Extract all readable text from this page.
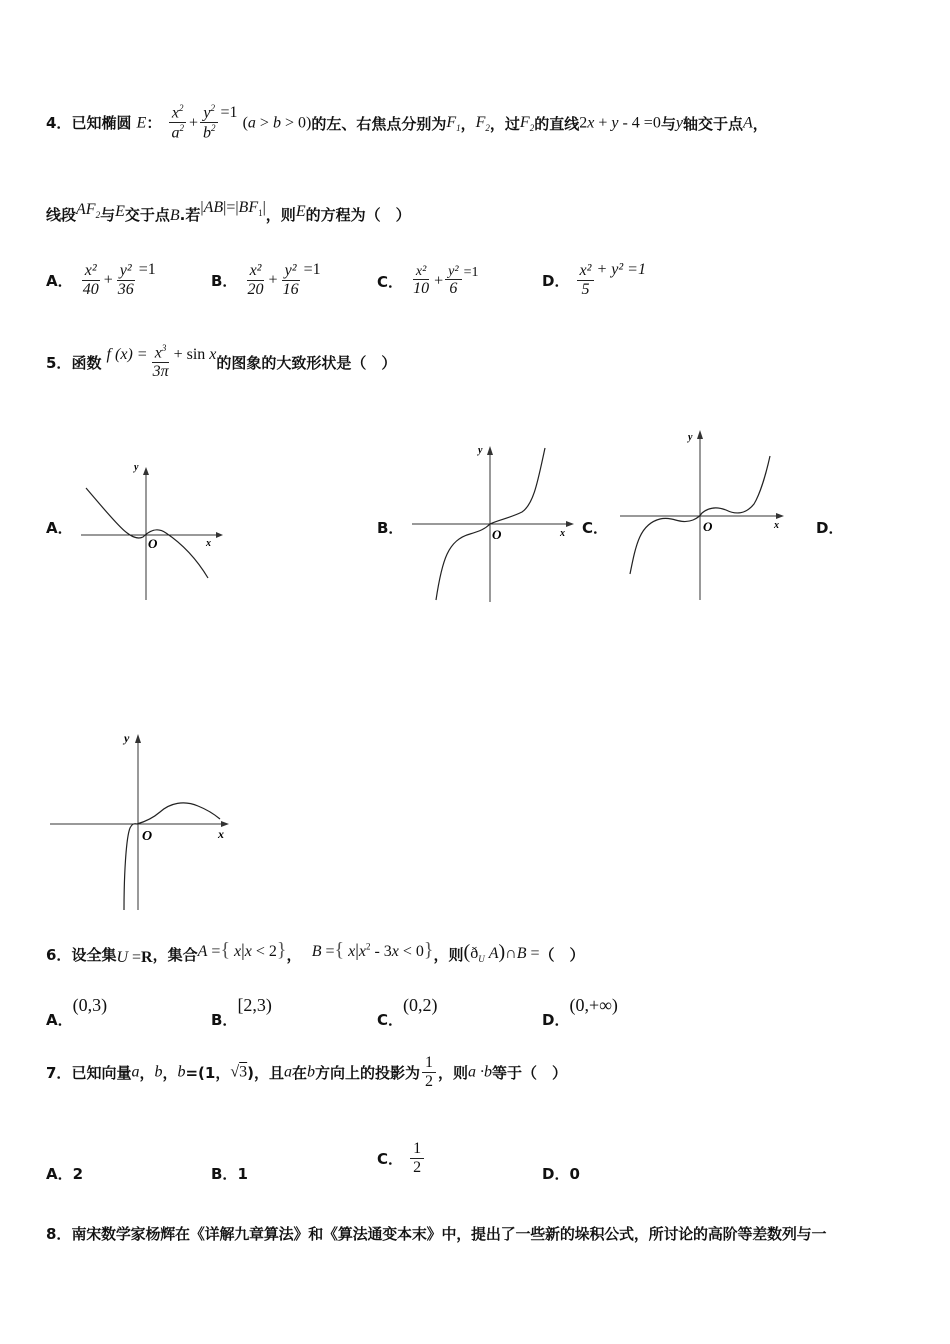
4．已知椭圆 E： $\frac{x^2}{a^2} + \frac{y^2}{b^2} =1$ (a > b > 0)的左、右焦点分别为$F_1$，$F_2$，过$F_2$的直线2x + y - 4 =0与y轴交于点A，
线段$AF_2$与E交于点B.若$|AB|=|BF_1|$，则E的方程为（　）
A． $\frac{\text{x²}}{40} + \frac{\text{y²}}{36} =1$
B． $\frac{\text{x²}}{20} + \frac{\text{y²}}{16} =1$
C． $\frac{\text{x²}}{10} + \frac{\text{y²}}{6} =1$	D． $\frac{\text{x²}}{5} + y^2 =1$
5．函数 f $(x) = \frac{x^3}{3\pi} + \sin x$的图象的大致形状是（　）
A．	B．	C．	D．
y
x
O
y
x
O
y
x
O
y
x
O
6．设全集U =R，集合A ={ x|x < 2}， B ={ $x|x^2 - 3x < 0$}，则($ð_U$ A)∩B =（　）
A．(0,3)
B．[2,3)
C．(0,2)
D．(0,+∞)
7．已知向量a，b，b=(1，√3)，且a在b方向上的投影为 $\frac{1}{2}$ ，则a ·b等于（　）
A．2	B．1
C． $\frac{1}{2}$	D．0
8．南宋数学家杨辉在《详解九章算法》和《算法通变本末》中，提出了一些新的垛积公式，所讨论的高阶等差数列与一
